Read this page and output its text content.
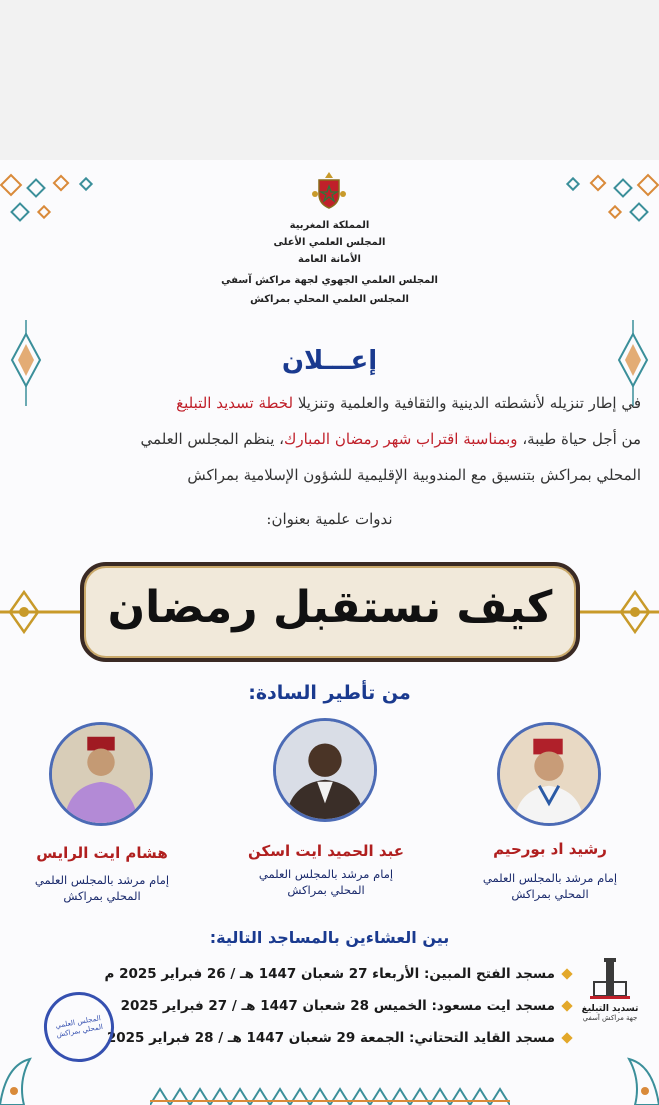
المملكة المغربية
المجلس العلمي الأعلى
الأمانة العامة
المجلس العلمي الجهوي لجهة مراكش آسفي
المجلس العلمي المحلي بمراكش
إعـــلان
في إطار تنزيله لأنشطته الدينية والثقافية والعلمية وتنزيلا لخطة تسديد التبليغ
من أجل حياة طيبة، وبمناسبة اقتراب شهر رمضان المبارك، ينظم المجلس العلمي
المحلي بمراكش بتنسيق مع المندوبية الإقليمية للشؤون الإسلامية بمراكش
ندوات علمية بعنوان:
كيف نستقبل رمضان
من تأطير السادة:
رشيد اد بورحيم
إمام مرشد بالمجلس العلمي
المحلي بمراكش
عبد الحميد ايت اسكن
إمام مرشد بالمجلس العلمي
المحلي بمراكش
هشام ايت الرايس
إمام مرشد بالمجلس العلمي
المحلي بمراكش
بين العشاءين بالمساجد التالية:
مسجد الفتح المبين: الأربعاء 27 شعبان 1447 هـ / 26 فبراير 2025 م
مسجد ايت مسعود: الخميس 28 شعبان 1447 هـ / 27 فبراير 2025
مسجد القايد التحتاني: الجمعة 29 شعبان 1447 هـ / 28 فبراير 2025
تسديد التبليغ
جهة مراكش آسفي
المجلس العلمي المحلي بمراكش
